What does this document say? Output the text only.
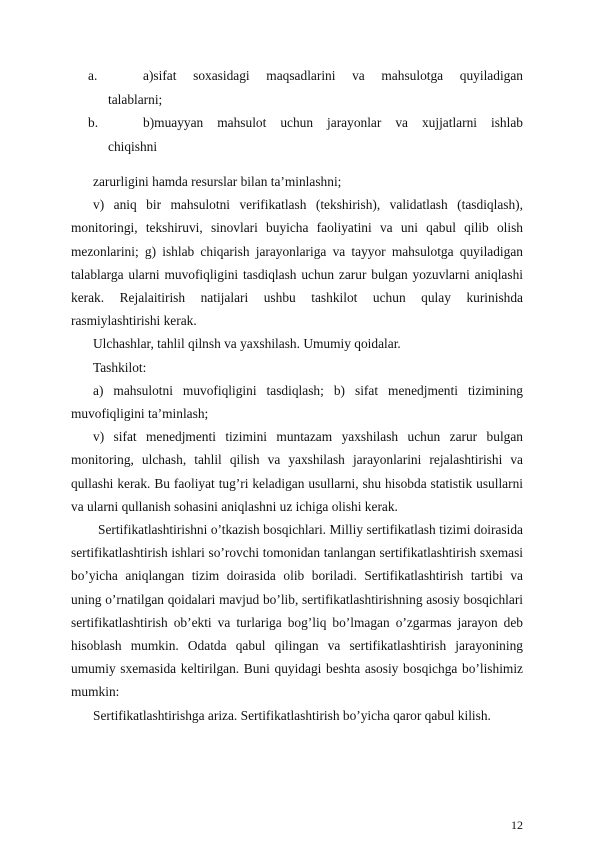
a.	a)sifat soxasidagi maqsadlarini va mahsulotga quyiladigan
talablarni;
b.	b)muayyan mahsulot uchun jarayonlar va xujjatlarni ishlab
chiqishni

zarurligini hamda resurslar bilan ta’minlashni;

v) aniq bir mahsulotni verifikatlash (tekshirish), validatlash (tasdiqlash), monitoringi, tekshiruvi, sinovlari buyicha faoliyatini va uni qabul qilib olish mezonlarini; g) ishlab chiqarish jarayonlariga va tayyor mahsulotga quyiladigan talablarga ularni muvofiqligini tasdiqlash uchun zarur bulgan yozuvlarni aniqlashi kerak. Rejalaitirish natijalari ushbu tashkilot uchun qulay kurinishda rasmiylashtirishi kerak.

Ulchashlar, tahlil qilnsh va yaxshilash. Umumiy qoidalar.

Tashkilot:

a) mahsulotni muvofiqligini tasdiqlash; b) sifat menedjmenti tizimining muvofiqligini ta’minlash;

v) sifat menedjmenti tizimini muntazam yaxshilash uchun zarur bulgan monitoring, ulchash, tahlil qilish va yaxshilash jarayonlarini rejalashtirishi va qullashi kerak. Bu faoliyat tug’ri keladigan usullarni, shu hisobda statistik usullarni va ularni qullanish sohasini aniqlashni uz ichiga olishi kerak.

Sertifikatlashtirishni o’tkazish bosqichlari. Milliy sertifikatlash tizimi doirasida sertifikatlashtirish ishlari so’rovchi tomonidan tanlangan sertifikatlashtirish sxemasi bo’yicha aniqlangan tizim doirasida olib boriladi. Sertifikatlashtirish tartibi va uning o’rnatilgan qoidalari mavjud bo’lib, sertifikatlashtirishning asosiy bosqichlari sertifikatlashtirish ob’ekti va turlariga bog’liq bo’lmagan o’zgarmas jarayon deb hisoblash mumkin. Odatda qabul qilingan va sertifikatlashtirish jarayonining umumiy sxemasida keltirilgan. Buni quyidagi beshta asosiy bosqichga bo’lishimiz mumkin:

Sertifikatlashtirishga ariza. Sertifikatlashtirish bo’yicha qaror qabul kilish.

12
